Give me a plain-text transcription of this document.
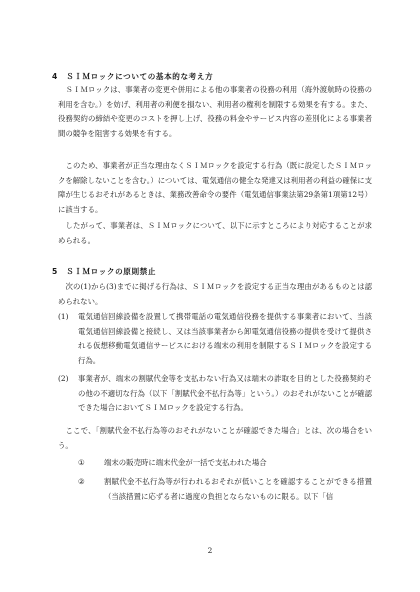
4　ＳＩＭロックについての基本的な考え方

ＳＩＭロックは、事業者の変更や併用による他の事業者の役務の利用（海外渡航時の役務の利用を含む。）を妨げ、利用者の利便を損ない、利用者の権利を制限する効果を有する。また、役務契約の締結や変更のコストを押し上げ、役務の料金やサービス内容の差別化による事業者間の競争を阻害する効果を有する。

このため、事業者が正当な理由なくＳＩＭロックを設定する行為（既に設定したＳＩＭロックを解除しないことを含む。）については、電気通信の健全な発達又は利用者の利益の確保に支障が生じるおそれがあるときは、業務改善命令の要件（電気通信事業法第29条第1項第12号）に該当する。

したがって、事業者は、ＳＩＭロックについて、以下に示すところにより対応することが求められる。

5　ＳＩＭロックの原則禁止

次の(1)から(3)までに掲げる行為は、ＳＩＭロックを設定する正当な理由があるものとは認められない。

(1)	電気通信回線設備を設置して携帯電話の電気通信役務を提供する事業者において、当該電気通信回線設備と接続し、又は当該事業者から卸電気通信役務の提供を受けて提供される仮想移動電気通信サービスにおける端末の利用を制限するＳＩＭロックを設定する行為。
(2)	事業者が、端末の割賦代金等を支払わない行為又は端末の詐取を目的とした役務契約その他の不適切な行為（以下「割賦代金不払行為等」という。）のおそれがないことが確認できた場合においてＳＩＭロックを設定する行為。

ここで、「割賦代金不払行為等のおそれがないことが確認できた場合」とは、次の場合をいう。

①	端末の販売時に端末代金が一括で支払われた場合
②	割賦代金不払行為等が行われるおそれが低いことを確認することができる措置（当該措置に応ずる者に過度の負担とならないものに限る。以下「信
2
